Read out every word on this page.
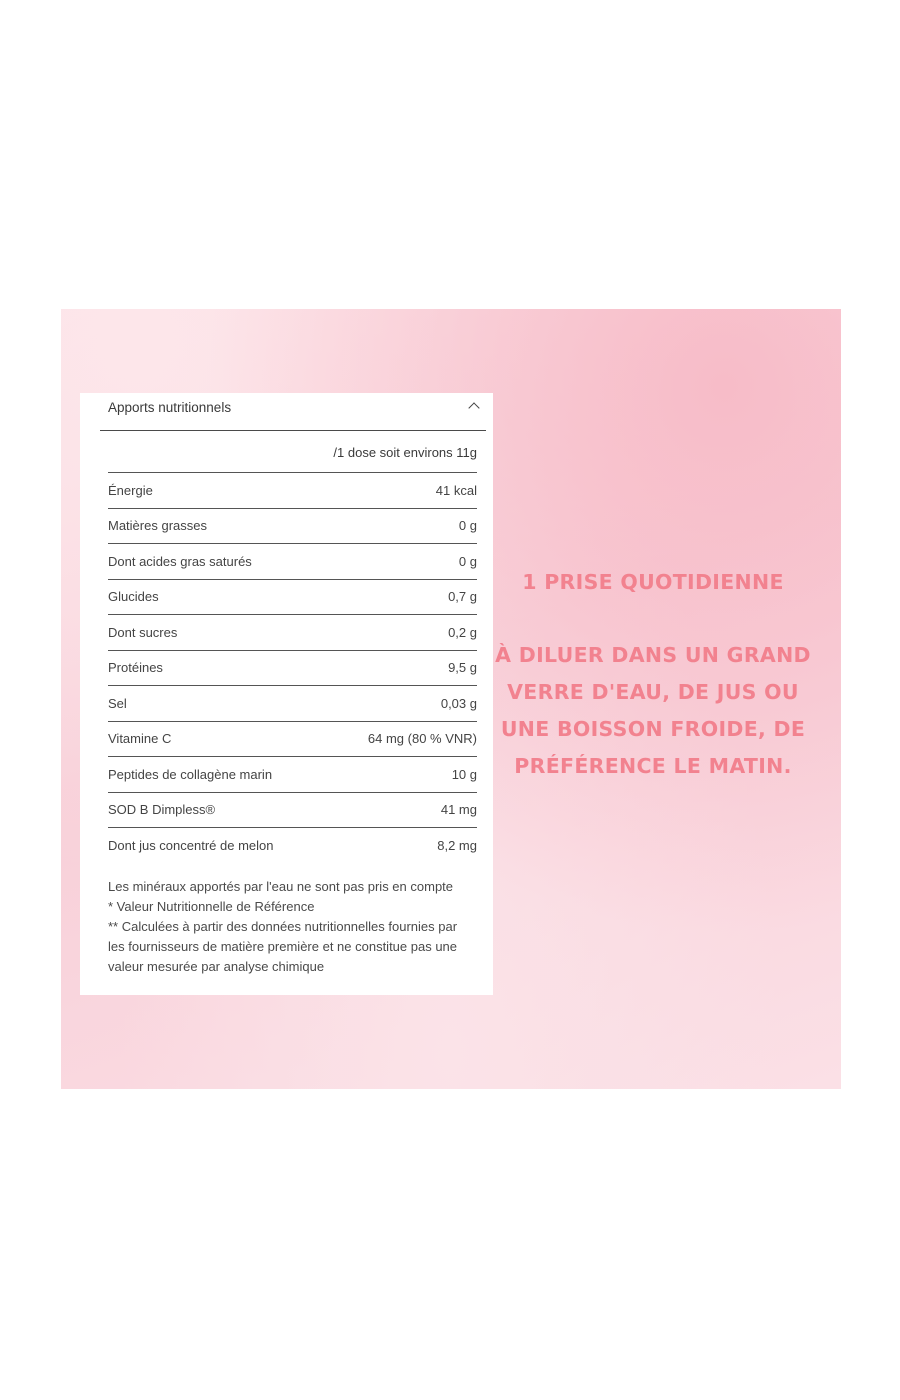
Apports nutritionnels
/1 dose soit environs 11g
Énergie	41 kcal
Matières grasses	0 g
Dont acides gras saturés	0 g
Glucides	0,7 g
Dont sucres	0,2 g
Protéines	9,5 g
Sel	0,03 g
Vitamine C	64 mg (80 % VNR)
Peptides de collagène marin	10 g
SOD B Dimpless®	41 mg
Dont jus concentré de melon	8,2 mg

Les minéraux apportés par l'eau ne sont pas pris en compte

* Valeur Nutritionnelle de Référence

** Calculées à partir des données nutritionnelles fournies par les fournisseurs de matière première et ne constitue pas une valeur mesurée par analyse chimique

1 PRISE QUOTIDIENNE
À DILUER DANS UN GRAND VERRE D'EAU, DE JUS OU UNE BOISSON FROIDE, DE PRÉFÉRENCE LE MATIN.
